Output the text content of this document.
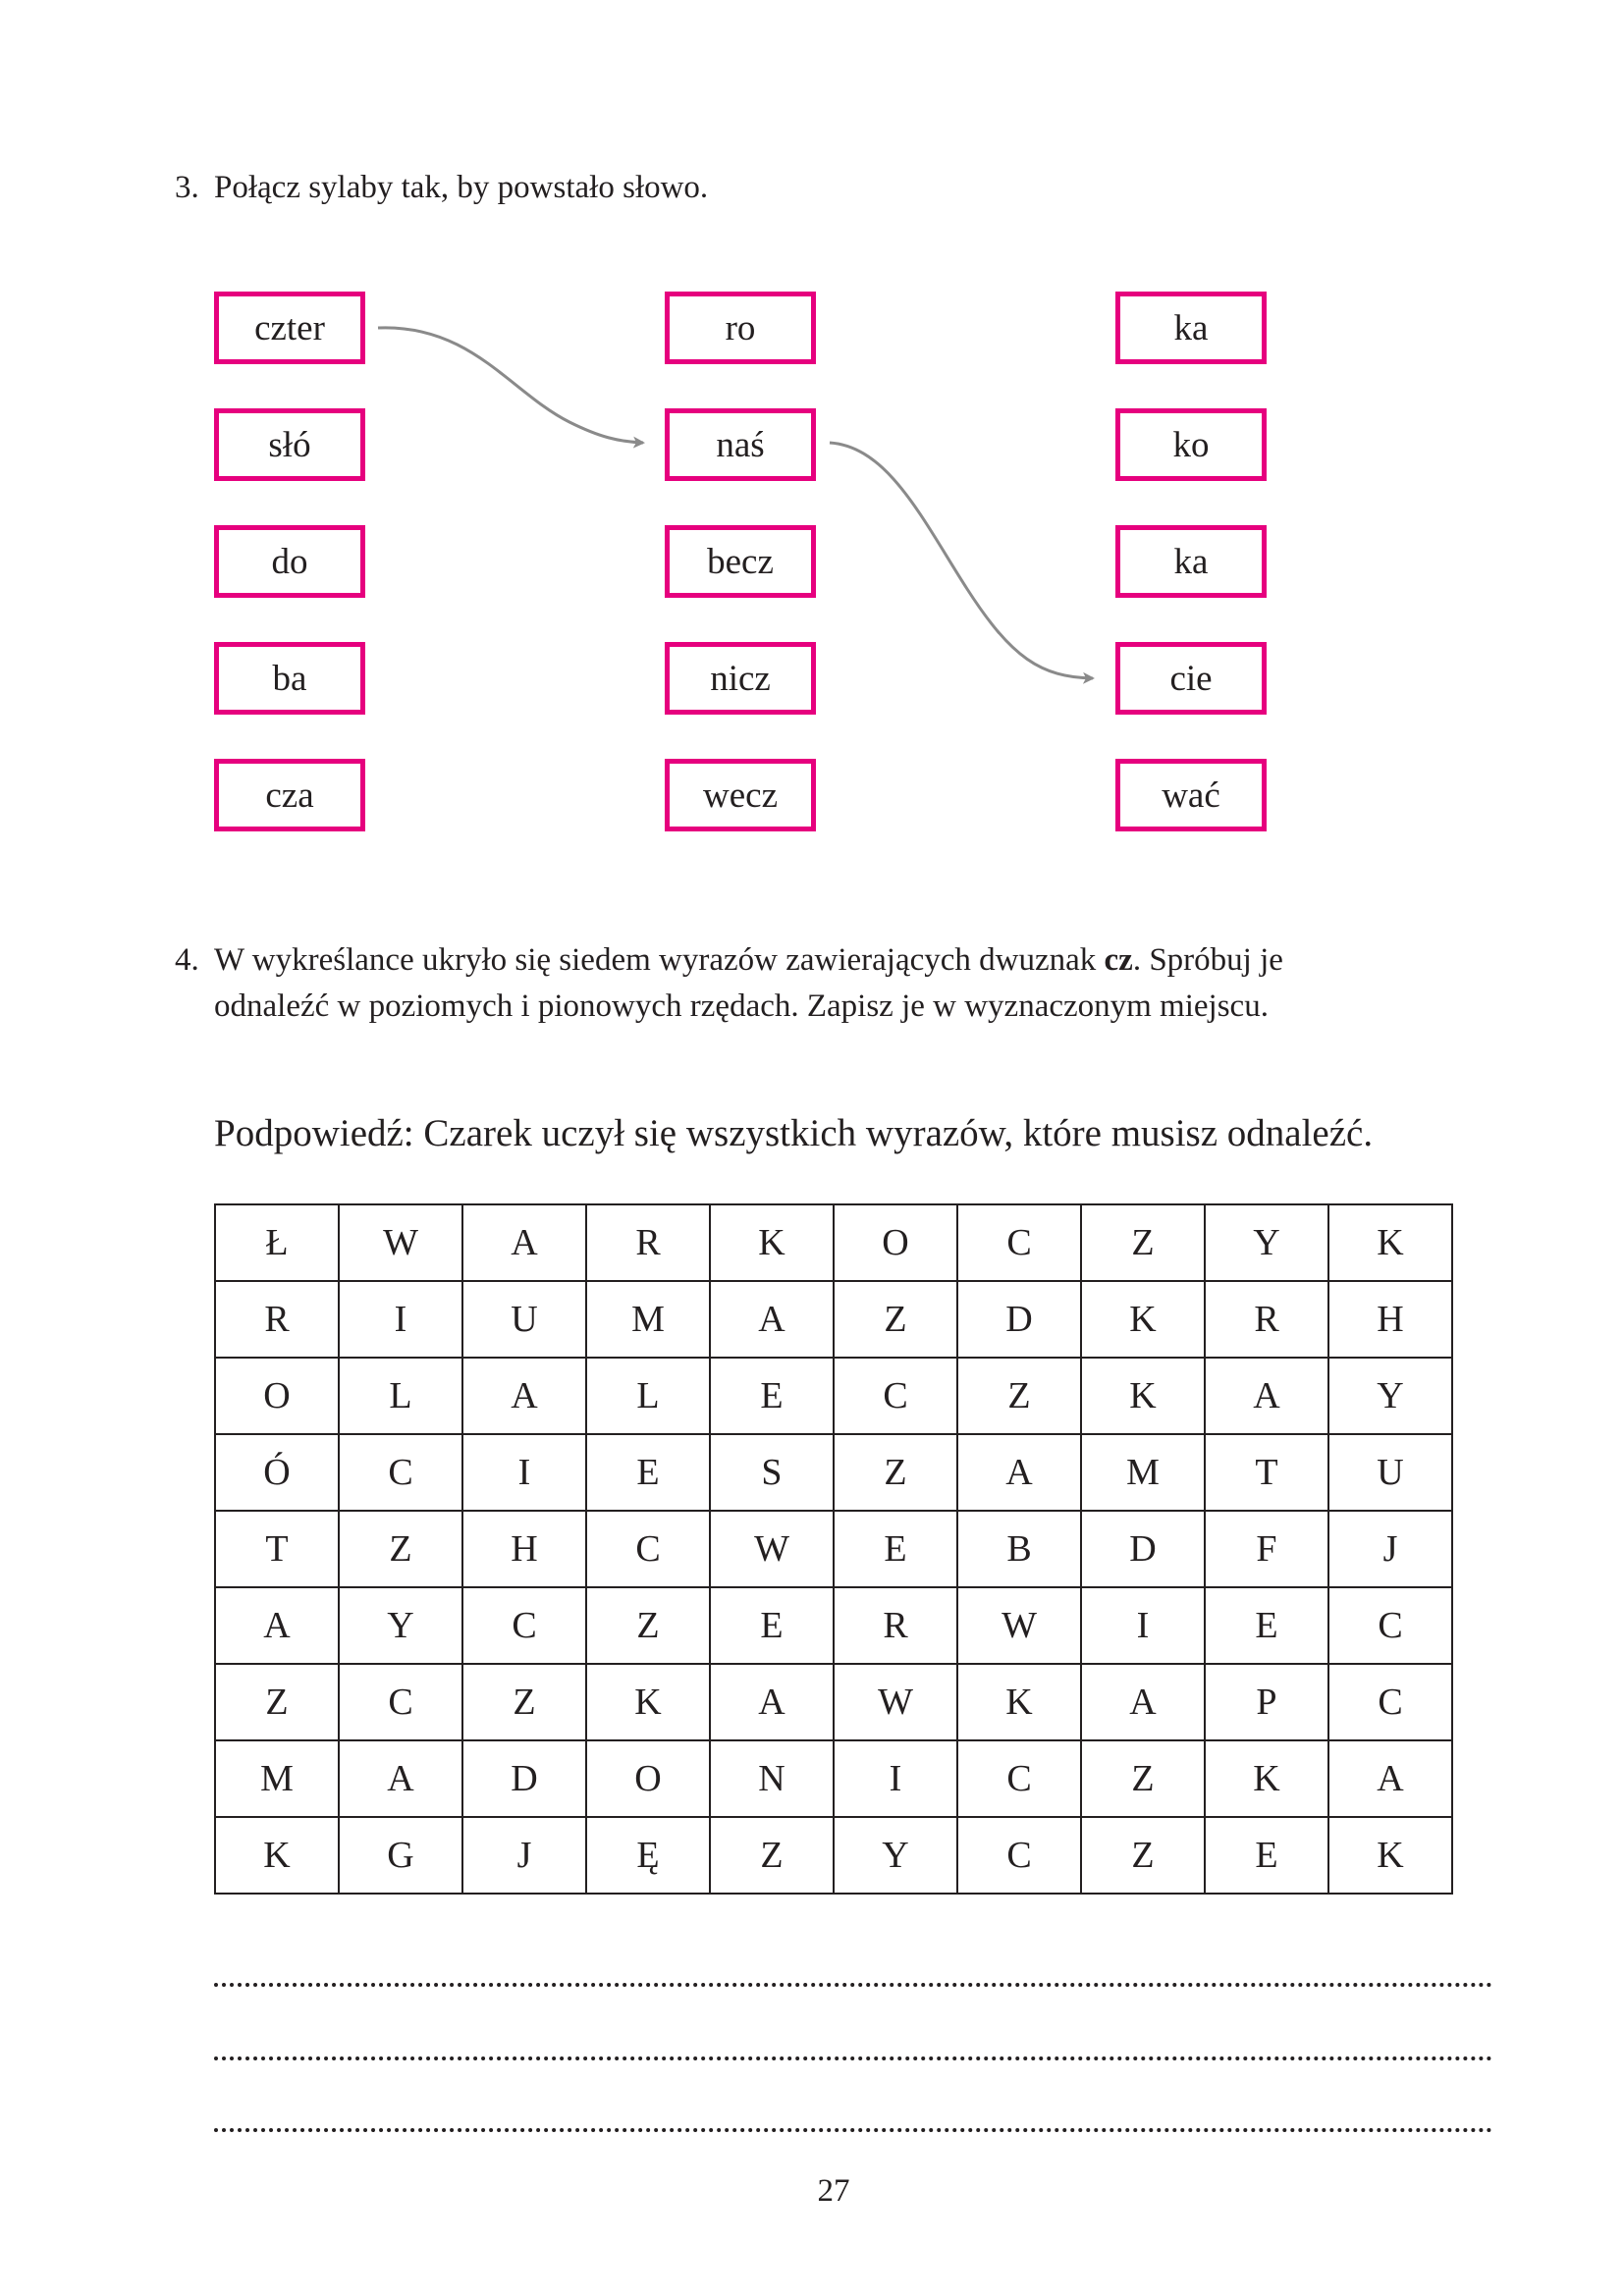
3. Połącz sylaby tak, by powstało słowo.

czter
słó
do
ba
cza
ro
naś
becz
nicz
wecz
ka
ko
ka
cie
wać
4. W wykreślance ukryło się siedem wyrazów zawierających dwuznak cz. Spróbuj je
odnaleźć w poziomych i pionowych rzędach. Zapisz je w wyznaczonym miejscu.

Podpowiedź: Czarek uczył się wszystkich wyrazów, które musisz odnaleźć.

Ł	W	A	R	K	O	C	Z	Y	K
R	I	U	M	A	Z	D	K	R	H
O	L	A	L	E	C	Z	K	A	Y
Ó	C	I	E	S	Z	A	M	T	U
T	Z	H	C	W	E	B	D	F	J
A	Y	C	Z	E	R	W	I	E	C
Z	C	Z	K	A	W	K	A	P	C
M	A	D	O	N	I	C	Z	K	A
K	G	J	Ę	Z	Y	C	Z	E	K

27
